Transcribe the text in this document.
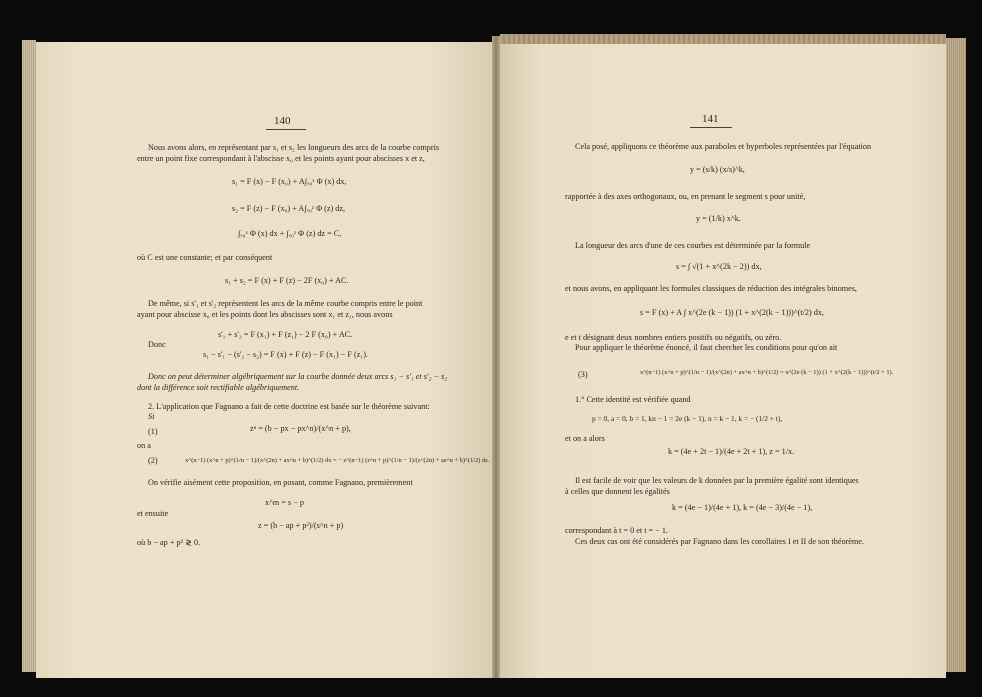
140
Nous avons alors, en représentant par s₁ et s₂ les longueurs des arcs de la courbe compris
entre un point fixe correspondant à l'abscisse x₀ et les points ayant pour abscisses x et z,
s₁ = F (x) − F (x₀) + A∫ₓ₀ˣ Φ (x) dx,
s₂ = F (z) − F (x₀) + A∫ₓ₀ᶻ Φ (z) dz,
∫ₓ₀ˣ Φ (x) dx + ∫ₓ₀ᶻ Φ (z) dz = C,
où C est une constante; et par conséquent
s₁ + s₂ = F (x) + F (z) − 2F (x₀) + AC.
De même, si s'₁ et s'₂ représentent les arcs de la même courbe compris entre le point
ayant pour abscisse x₀ et les points dont les abscisses sont x₁ et z₁, nous avons
s'₁ + s'₂ = F (x₁) + F (z₁) − 2 F (x₀) + AC.
Donc
s₁ − s'₁ − (s'₂ − s₂) = F (x) + F (z) − F (x₁) − F (z₁).
Donc on peut déterminer algébriquement sur la courbe donnée deux arcs s₁ − s'₁ et s'₂ − s₂
dont la différence soit rectifiable algébriquement.
2. L'application que Fagnano a fait de cette doctrine est basée sur le théorème suivant:
Si
(1)	zⁿ = (b − px − px^n)/(x^n + p),
on a
(2)	x^(n−1) (x^n + p)^(1/n − 1)/(x^(2n) + ax^n + b)^(1/2) dx = − z^(n−1) (z^n + p)^(1/n − 1)/(z^(2n) + az^n + b)^(1/2) dz.
On vérifie aisément cette proposition, en posant, comme Fagnano, premièrement
x^m = s − p
et ensuite
z = (b − ap + p²)/(s^n + p)
où b − ap + p² ≷ 0.
141
Cela posé, appliquons ce théorème aux paraboles et hyperboles représentées par l'équation
y = (s/k) (x/s)^k,
rapportée à des axes orthogonaux, ou, en prenant le segment s pour unité,
y = (1/k) x^k.
La longueur des arcs d'une de ces courbes est déterminée par la formule
s = ∫ √(1 + x^(2k − 2)) dx,
et nous avons, en appliquant les formules classiques de réduction des intégrales binomes,
s = F (x) + A ∫ x^(2e (k − 1)) (1 + x^(2(k − 1)))^(t/2) dx,
e et t désignant deux nombres entiers positifs ou négatifs, ou zéro.
Pour appliquer le théorème énoncé, il faut chercher les conditions pour qu'on ait
(3)	x^(n−1) (x^n + p)^(1/n − 1)/(x^(2n) + ax^n + b)^(1/2) = x^(2e (k − 1)) (1 + x^(2(k − 1)))^(t/2 + 1).
1.° Cette identité est vérifiée quand
p = 0, a = 0, b = 1, kn − 1 = 2e (k − 1), n = k − 1, k = − (1/2 + t),
et on a alors
k = (4e + 2t − 1)/(4e + 2t + 1), z = 1/x.
Il est facile de voir que les valeurs de k données par la première égalité sont identiques
à celles que donnent les égalités
k = (4e − 1)/(4e + 1), k = (4e − 3)/(4e − 1),
correspondant à t = 0 et t = − 1.
Ces deux cas ont été considérés par Fagnano dans les corollaires I et II de son théorème.
